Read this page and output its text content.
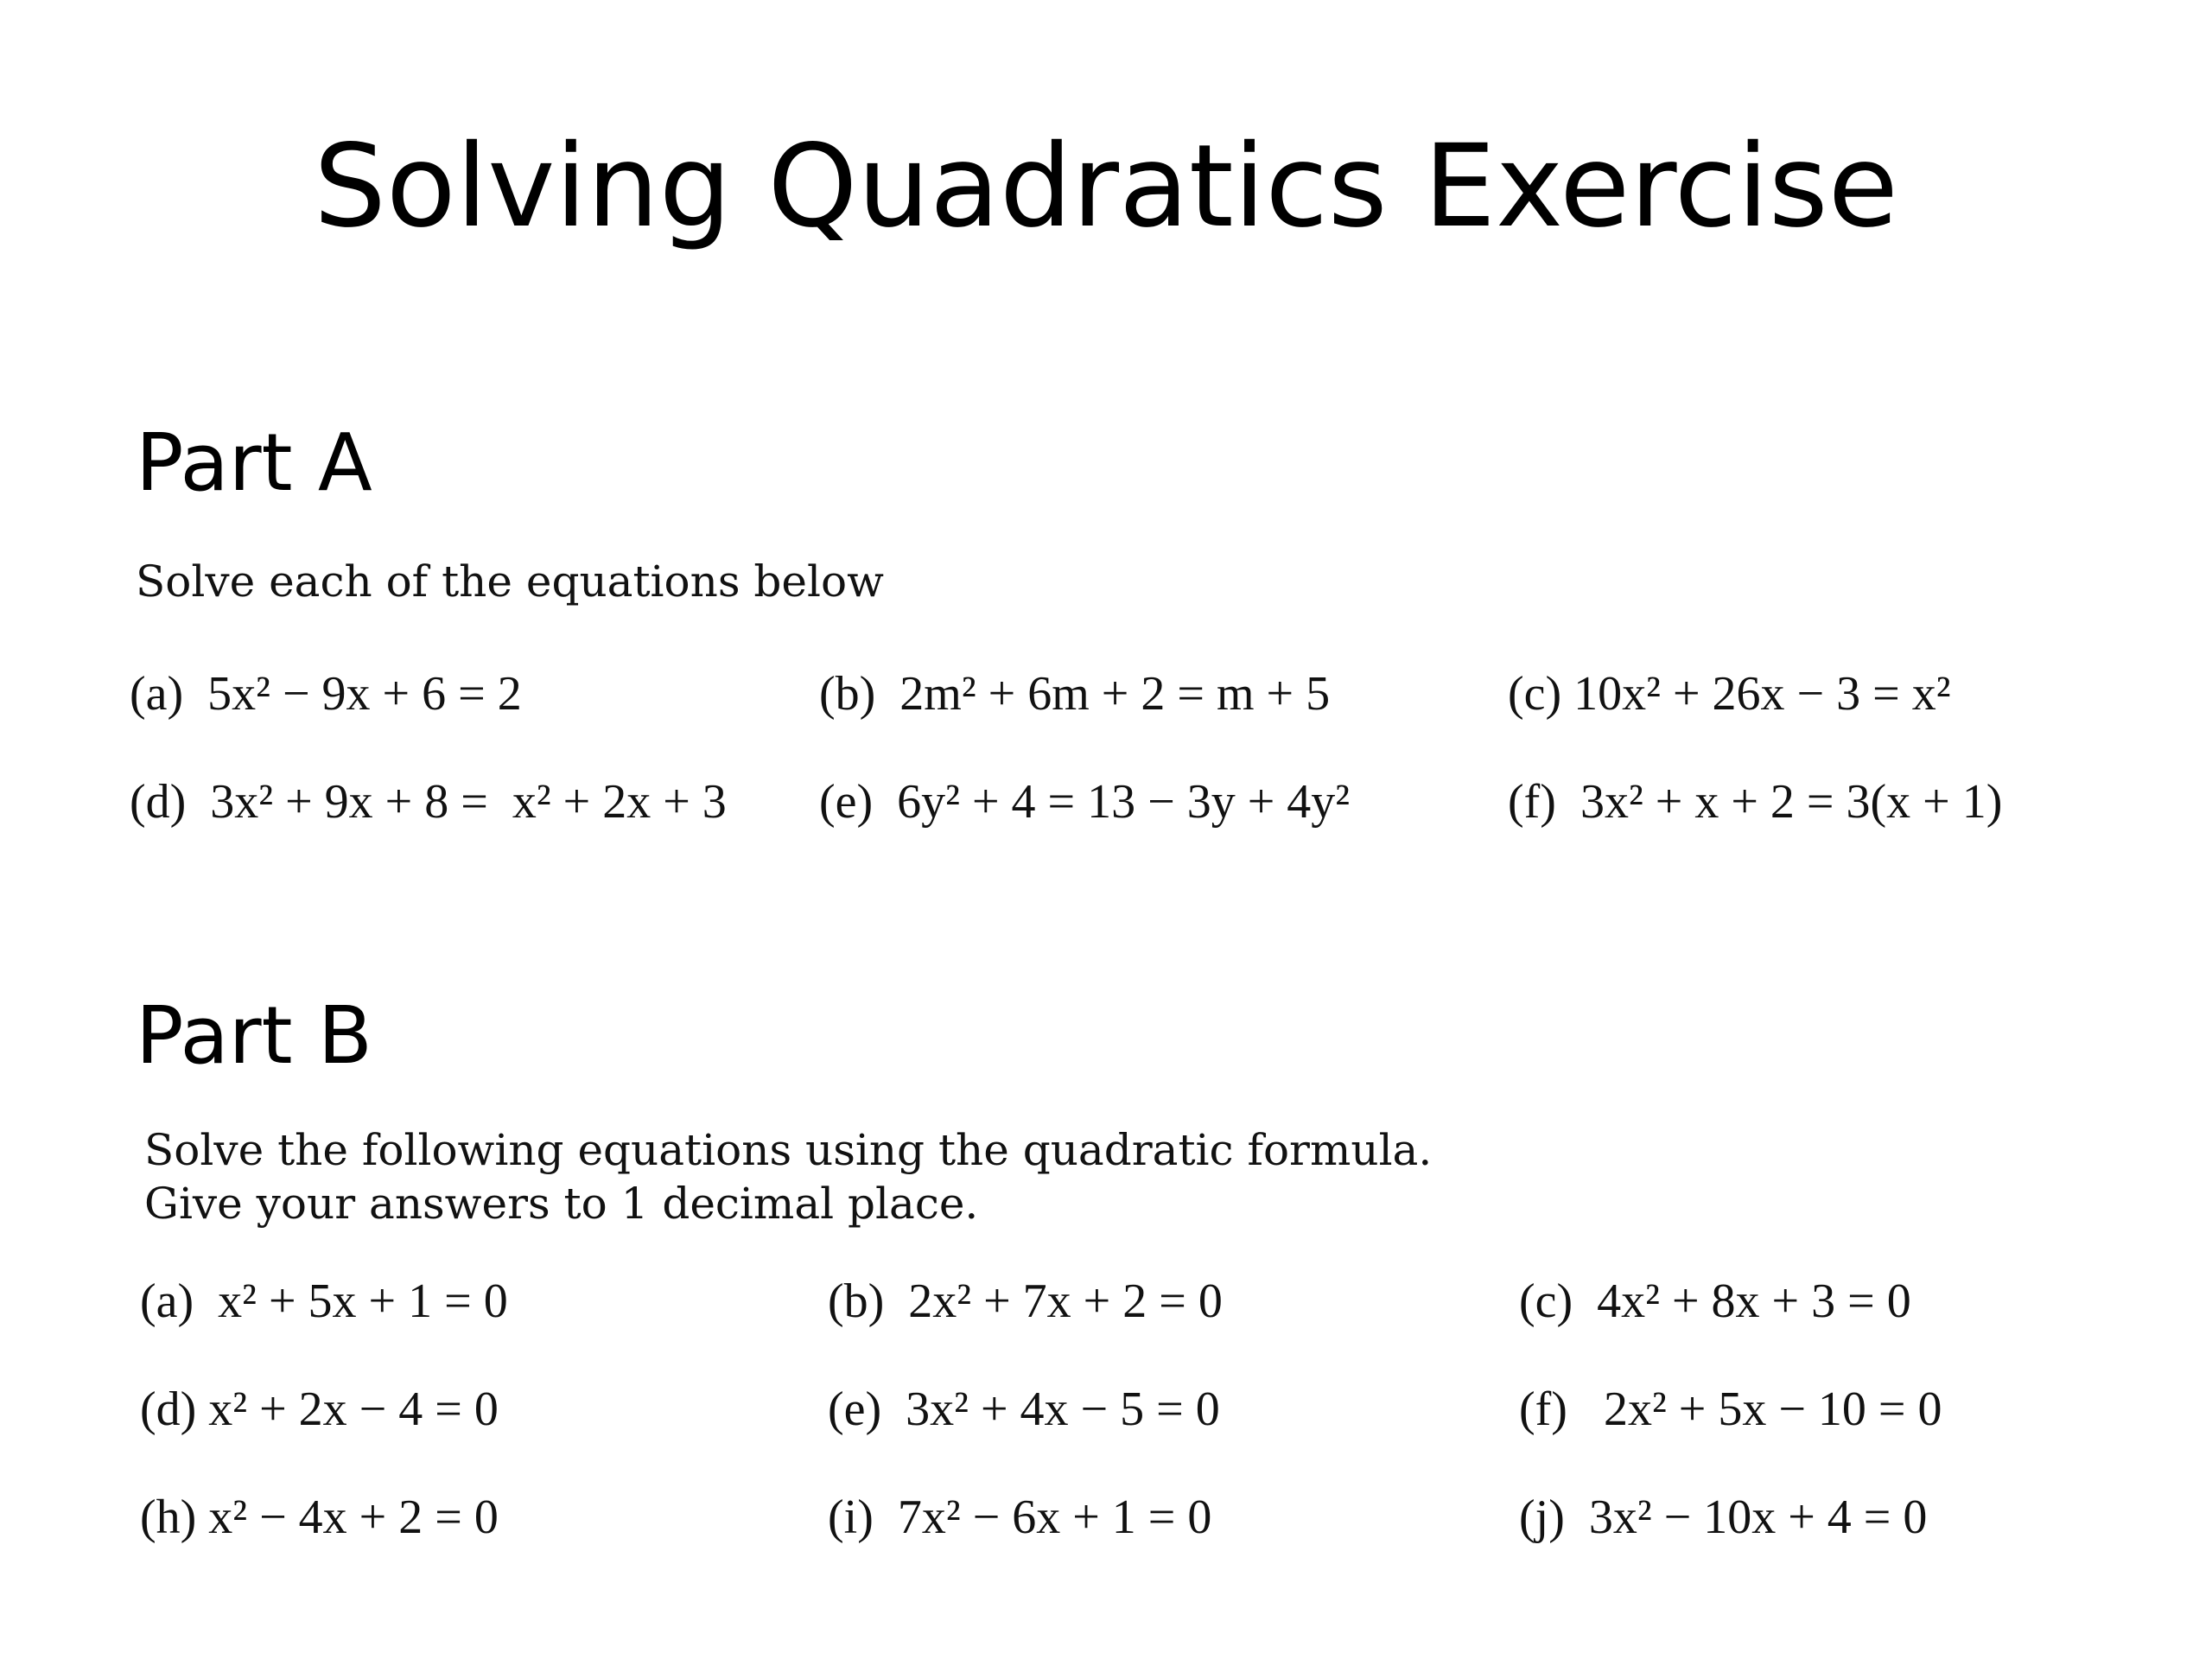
Solving Quadratics Exercise
Part A

Solve each of the equations below

(a)  5x² − 9x + 6 = 2	(b)  2m² + 6m + 2 = m + 5	(c) 10x² + 26x − 3 = x²
(d)  3x² + 9x + 8 =  x² + 2x + 3 (e)  6y² + 4 = 13 − 3y + 4y²	(f)  3x² + x + 2 = 3(x + 1)
Part B

Solve the following equations using the quadratic formula.

Give your answers to 1 decimal place.

(a)  x² + 5x + 1 = 0	(b)  2x² + 7x + 2 = 0	(c)  4x² + 8x + 3 = 0
(d) x² + 2x − 4 = 0	(e)  3x² + 4x − 5 = 0	(f)   2x² + 5x − 10 = 0
(h) x² − 4x + 2 = 0	(i)  7x² − 6x + 1 = 0	(j)  3x² − 10x + 4 = 0
